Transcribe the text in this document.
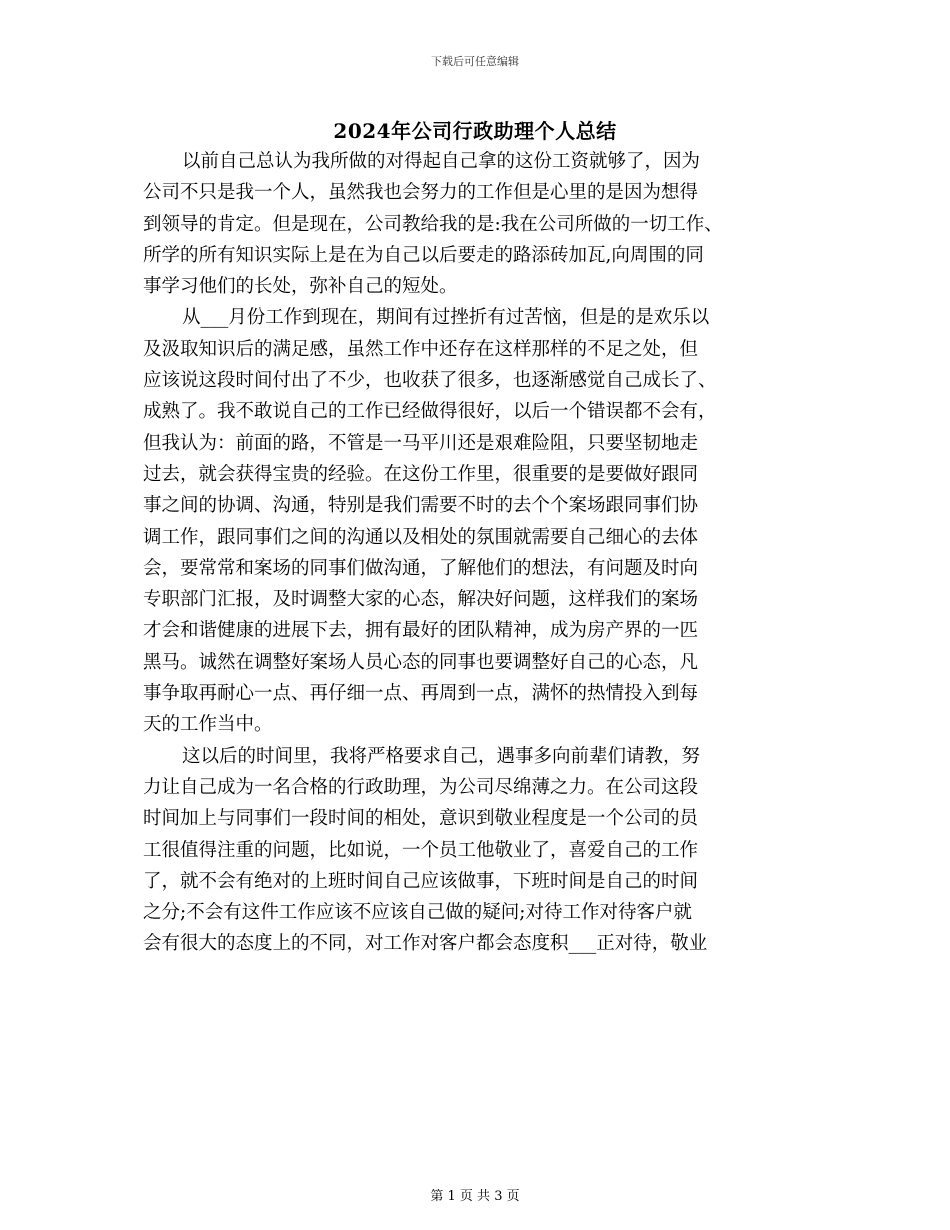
下载后可任意编辑
2024年公司行政助理个人总结
以前自己总认为我所做的对得起自己拿的这份工资就够了，因为
公司不只是我一个人，虽然我也会努力的工作但是心里的是因为想得
到领导的肯定。但是现在，公司教给我的是:我在公司所做的一切工作、
所学的所有知识实际上是在为自己以后要走的路添砖加瓦,向周围的同
事学习他们的长处，弥补自己的短处。
从___月份工作到现在，期间有过挫折有过苦恼，但是的是欢乐以
及汲取知识后的满足感，虽然工作中还存在这样那样的不足之处，但
应该说这段时间付出了不少，也收获了很多，也逐渐感觉自己成长了、
成熟了。我不敢说自己的工作已经做得很好，以后一个错误都不会有，
但我认为：前面的路，不管是一马平川还是艰难险阻，只要坚韧地走
过去，就会获得宝贵的经验。在这份工作里，很重要的是要做好跟同
事之间的协调、沟通，特别是我们需要不时的去个个案场跟同事们协
调工作，跟同事们之间的沟通以及相处的氛围就需要自己细心的去体
会，要常常和案场的同事们做沟通，了解他们的想法，有问题及时向
专职部门汇报，及时调整大家的心态，解决好问题，这样我们的案场
才会和谐健康的进展下去，拥有最好的团队精神，成为房产界的一匹
黑马。诚然在调整好案场人员心态的同事也要调整好自己的心态，凡
事争取再耐心一点、再仔细一点、再周到一点，满怀的热情投入到每
天的工作当中。
这以后的时间里，我将严格要求自己，遇事多向前辈们请教，努
力让自己成为一名合格的行政助理，为公司尽绵薄之力。在公司这段
时间加上与同事们一段时间的相处，意识到敬业程度是一个公司的员
工很值得注重的问题，比如说，一个员工他敬业了，喜爱自己的工作
了，就不会有绝对的上班时间自己应该做事，下班时间是自己的时间
之分;不会有这件工作应该不应该自己做的疑问;对待工作对待客户就
会有很大的态度上的不同，对工作对客户都会态度积___正对待，敬业
第 1 页 共 3 页
